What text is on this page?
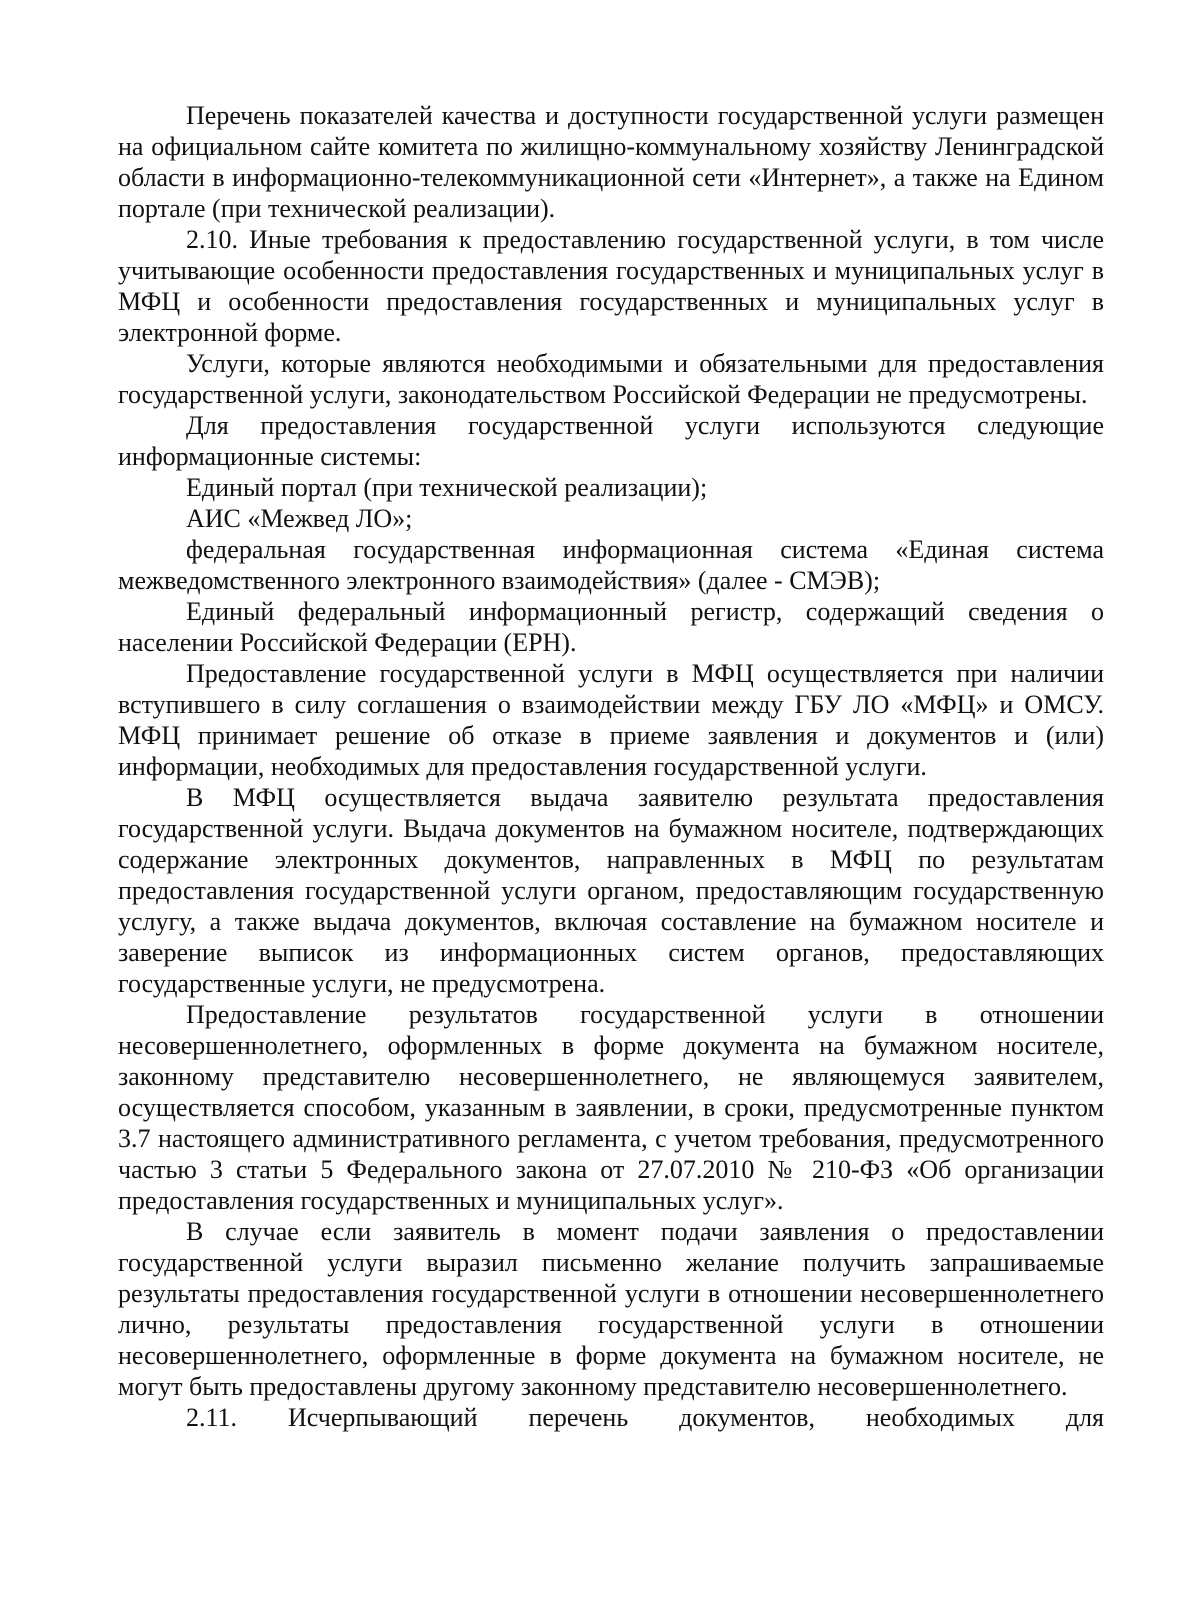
Перечень показателей качества и доступности государственной услуги размещен на официальном сайте комитета по жилищно-коммунальному хозяйству Ленинградской области в информационно-телекоммуникационной сети «Интернет», а также на Едином портале (при технической реализации).

2.10. Иные требования к предоставлению государственной услуги, в том числе учитывающие особенности предоставления государственных и муниципальных услуг в МФЦ и особенности предоставления государственных и муниципальных услуг в электронной форме.

Услуги, которые являются необходимыми и обязательными для предоставления государственной услуги, законодательством Российской Федерации не предусмотрены.

Для предоставления государственной услуги используются следующие информационные системы:

Единый портал (при технической реализации);

АИС «Межвед ЛО»;

федеральная государственная информационная система «Единая система межведомственного электронного взаимодействия» (далее - СМЭВ);

Единый федеральный информационный регистр, содержащий сведения о населении Российской Федерации (ЕРН).

Предоставление государственной услуги в МФЦ осуществляется при наличии вступившего в силу соглашения о взаимодействии между ГБУ ЛО «МФЦ» и ОМСУ. МФЦ принимает решение об отказе в приеме заявления и документов и (или) информации, необходимых для предоставления государственной услуги.

В МФЦ осуществляется выдача заявителю результата предоставления государственной услуги. Выдача документов на бумажном носителе, подтверждающих содержание электронных документов, направленных в МФЦ по результатам предоставления государственной услуги органом, предоставляющим государственную услугу, а также выдача документов, включая составление на бумажном носителе и заверение выписок из информационных систем органов, предоставляющих государственные услуги, не предусмотрена.

Предоставление результатов государственной услуги в отношении несовершеннолетнего, оформленных в форме документа на бумажном носителе, законному представителю несовершеннолетнего, не являющемуся заявителем, осуществляется способом, указанным в заявлении, в сроки, предусмотренные пунктом 3.7 настоящего административного регламента, с учетом требования, предусмотренного частью 3 статьи 5 Федерального закона от 27.07.2010 № 210-ФЗ «Об организации предоставления государственных и муниципальных услуг».

В случае если заявитель в момент подачи заявления о предоставлении государственной услуги выразил письменно желание получить запрашиваемые результаты предоставления государственной услуги в отношении несовершеннолетнего лично, результаты предоставления государственной услуги в отношении несовершеннолетнего, оформленные в форме документа на бумажном носителе, не могут быть предоставлены другому законному представителю несовершеннолетнего.

2.11. Исчерпывающий перечень документов, необходимых для
